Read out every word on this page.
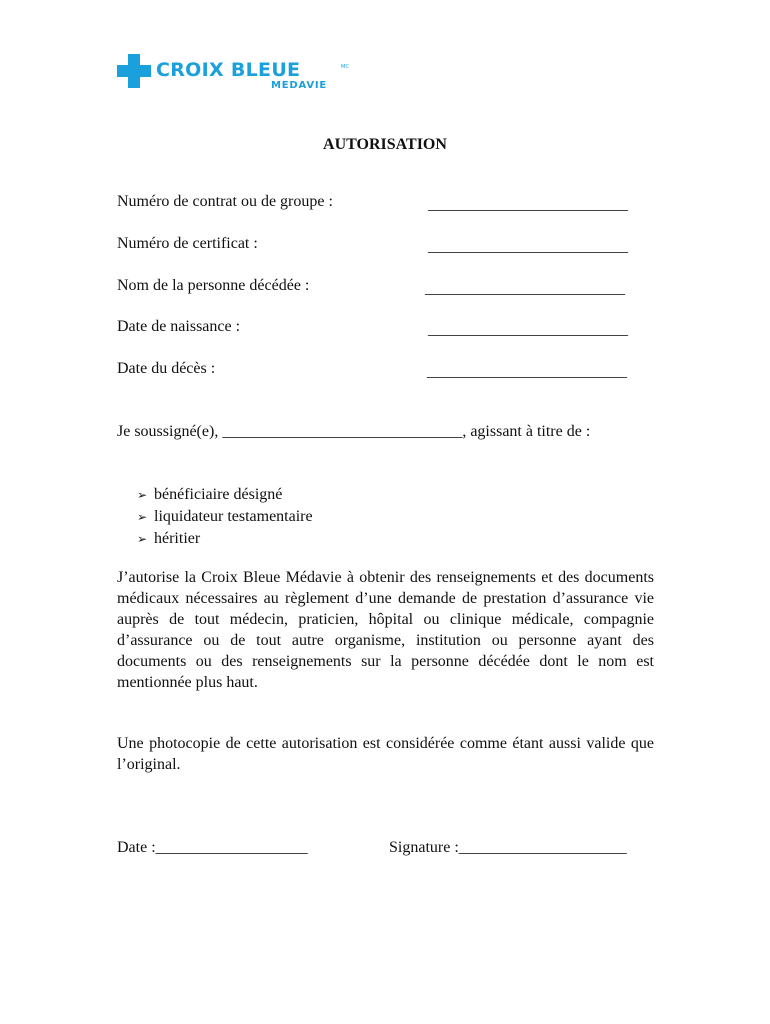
CROIX BLEUE	MC
MEDAVIE
AUTORISATION
Numéro de contrat ou de groupe :	_________________________
Numéro de certificat :	_________________________
Nom de la personne décédée :	_________________________
Date de naissance :	_________________________
Date du décès :	_________________________
Je soussigné(e), ______________________________, agissant à titre de :
➢ bénéficiaire désigné
➢ liquidateur testamentaire
➢ héritier
J’autorise la Croix Bleue Médavie à obtenir des renseignements et des documents médicaux nécessaires au règlement d’une demande de prestation d’assurance vie auprès de tout médecin, praticien, hôpital ou clinique médicale, compagnie d’assurance ou de tout autre organisme, institution ou personne ayant des documents ou des renseignements sur la personne décédée dont le nom est mentionnée plus haut.
Une photocopie de cette autorisation est considérée comme étant aussi valide que l’original.
Date :___________________	Signature :_____________________
